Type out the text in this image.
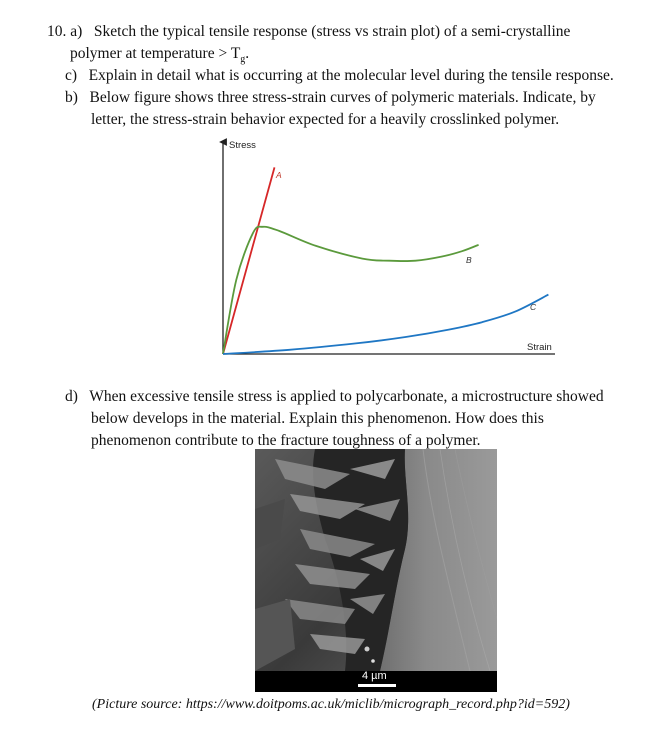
10. a) Sketch the typical tensile response (stress vs strain plot) of a semi-crystalline
polymer at temperature > $T_g$.
c) Explain in detail what is occurring at the molecular level during the tensile response.
b) Below figure shows three stress-strain curves of polymeric materials. Indicate, by
letter, the stress-strain behavior expected for a heavily crosslinked polymer.
Stress
Strain
A
B
C
d) When excessive tensile stress is applied to polycarbonate, a microstructure showed
below develops in the material. Explain this phenomenon. How does this
phenomenon contribute to the fracture toughness of a polymer.
4 µm
(Picture source: https://www.doitpoms.ac.uk/miclib/micrograph_record.php?id=592)
